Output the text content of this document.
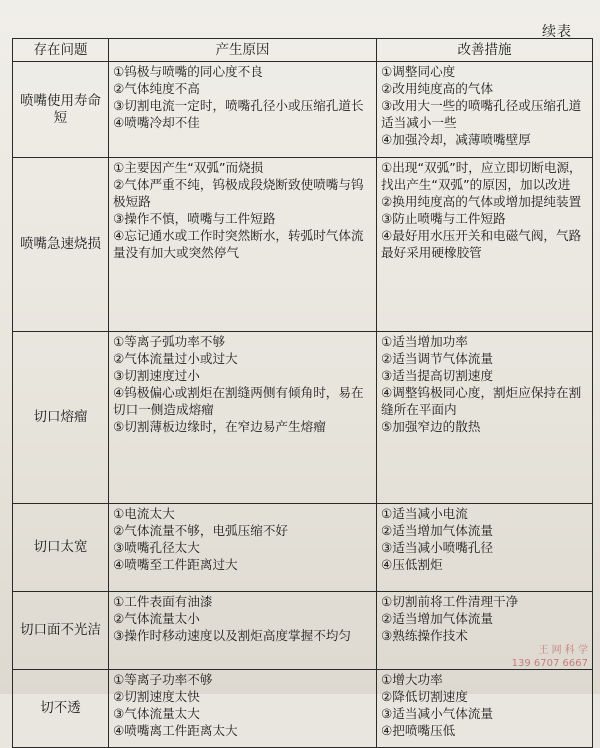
续表
存在问题	产生原因	改善措施
喷嘴使用寿命短	①钨极与喷嘴的同心度不良
②气体纯度不高
③切割电流一定时，喷嘴孔径小或压缩孔道长
④喷嘴冷却不佳	①调整同心度
②改用纯度高的气体
③改用大一些的喷嘴孔径或压缩孔道适当减小一些
④加强冷却，减薄喷嘴壁厚

喷嘴急速烧损	①主要因产生“双弧”而烧损
②气体严重不纯，钨极成段烧断致使喷嘴与钨极短路
③操作不慎，喷嘴与工件短路
④忘记通水或工作时突然断水，转弧时气体流量没有加大或突然停气	①出现“双弧”时，应立即切断电源，找出产生“双弧”的原因，加以改进
②换用纯度高的气体或增加提纯装置
③防止喷嘴与工件短路
④最好用水压开关和电磁气阀，气路最好采用硬橡胶管

切口熔瘤	①等离子弧功率不够
②气体流量过小或过大
③切割速度过小
④钨极偏心或割炬在割缝两侧有倾角时，易在切口一侧造成熔瘤
⑤切割薄板边缘时，在窄边易产生熔瘤	①适当增加功率
②适当调节气体流量
③适当提高切割速度
④调整钨极同心度，割炬应保持在割缝所在平面内
⑤加强窄边的散热

切口太宽	①电流太大
②气体流量不够，电弧压缩不好
③喷嘴孔径太大
④喷嘴至工件距离过大	①适当减小电流
②适当增加气体流量
③适当减小喷嘴孔径
④压低割炬

切口面不光洁	①工件表面有油漆
②气体流量太小
③操作时移动速度以及割炬高度掌握不均匀	①切割前将工件清理干净
②适当增加气体流量
③熟练操作技术

切不透	①等离子功率不够
②切割速度太快
③气体流量太大
④喷嘴离工件距离太大	①增大功率
②降低切割速度
③适当减小气体流量
④把喷嘴压低
王 网 科 学
139 6707 6667
